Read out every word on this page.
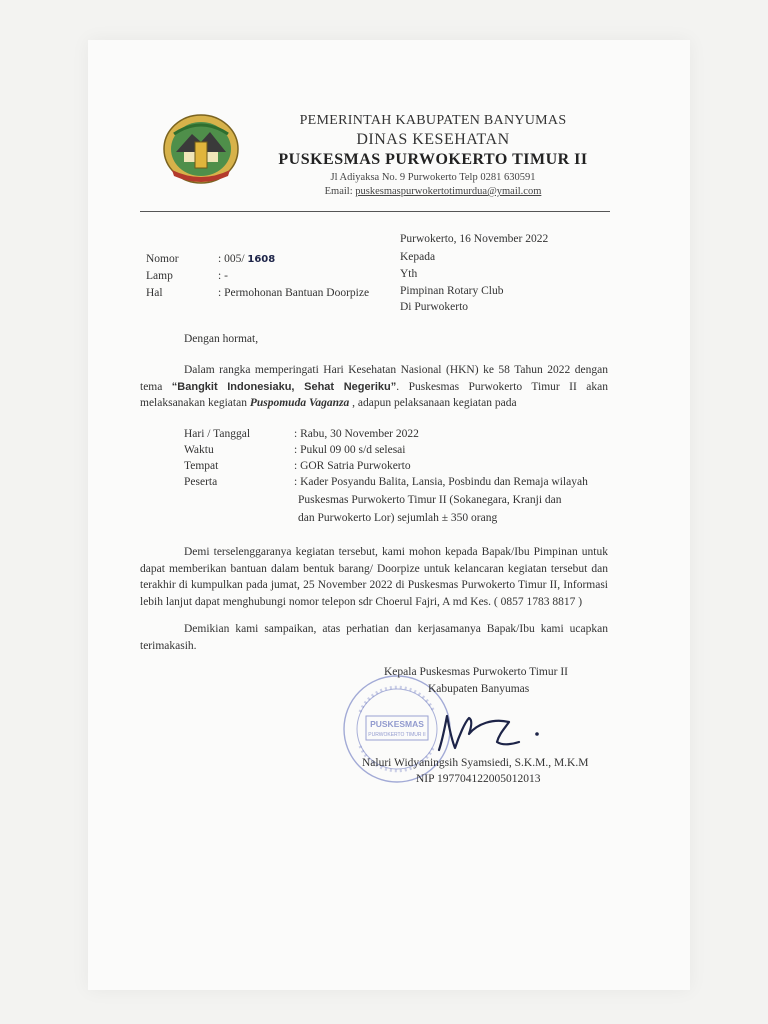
PEMERINTAH KABUPATEN BANYUMAS
DINAS KESEHATAN
PUSKESMAS PURWOKERTO TIMUR II
Jl Adiyaksa No. 9 Purwokerto Telp 0281 630591
Email: puskesmaspurwokertotimurdua@ymail.com
Purwokerto, 16 November 2022
Nomor	: 005/ 1608	Kepada
Lamp	: -	Yth
Hal	: Permohonan Bantuan Doorpize	Pimpinan Rotary Club
Di Purwokerto
Dengan hormat,
Dalam rangka memperingati Hari Kesehatan Nasional (HKN) ke 58 Tahun 2022 dengan tema “Bangkit Indonesiaku, Sehat Negeriku”. Puskesmas Purwokerto Timur II akan melaksanakan kegiatan Puspomuda Vaganza , adapun pelaksanaan kegiatan pada
Hari / Tanggal	: Rabu, 30 November 2022
Waktu	: Pukul 09 00 s/d selesai
Tempat	: GOR Satria Purwokerto
Peserta	: Kader Posyandu Balita, Lansia, Posbindu dan Remaja wilayah
Puskesmas Purwokerto Timur II (Sokanegara, Kranji dan
dan Purwokerto Lor) sejumlah ± 350 orang
Demi terselenggaranya kegiatan tersebut, kami mohon kepada Bapak/Ibu Pimpinan untuk dapat memberikan bantuan dalam bentuk barang/ Doorpize untuk kelancaran kegiatan tersebut dan terakhir di kumpulkan pada jumat, 25 November 2022 di Puskesmas Purwokerto Timur II, Informasi lebih lanjut dapat menghubungi nomor telepon sdr Choerul Fajri, A md Kes. ( 0857 1783 8817 )
Demikian kami sampaikan, atas perhatian dan kerjasamanya Bapak/Ibu kami ucapkan terimakasih.
PUSKESMAS
PURWOKERTO TIMUR II
Kepala Puskesmas Purwokerto Timur II
Kabupaten Banyumas
Naluri Widyaningsih Syamsiedi, S.K.M., M.K.M
NIP 197704122005012013
